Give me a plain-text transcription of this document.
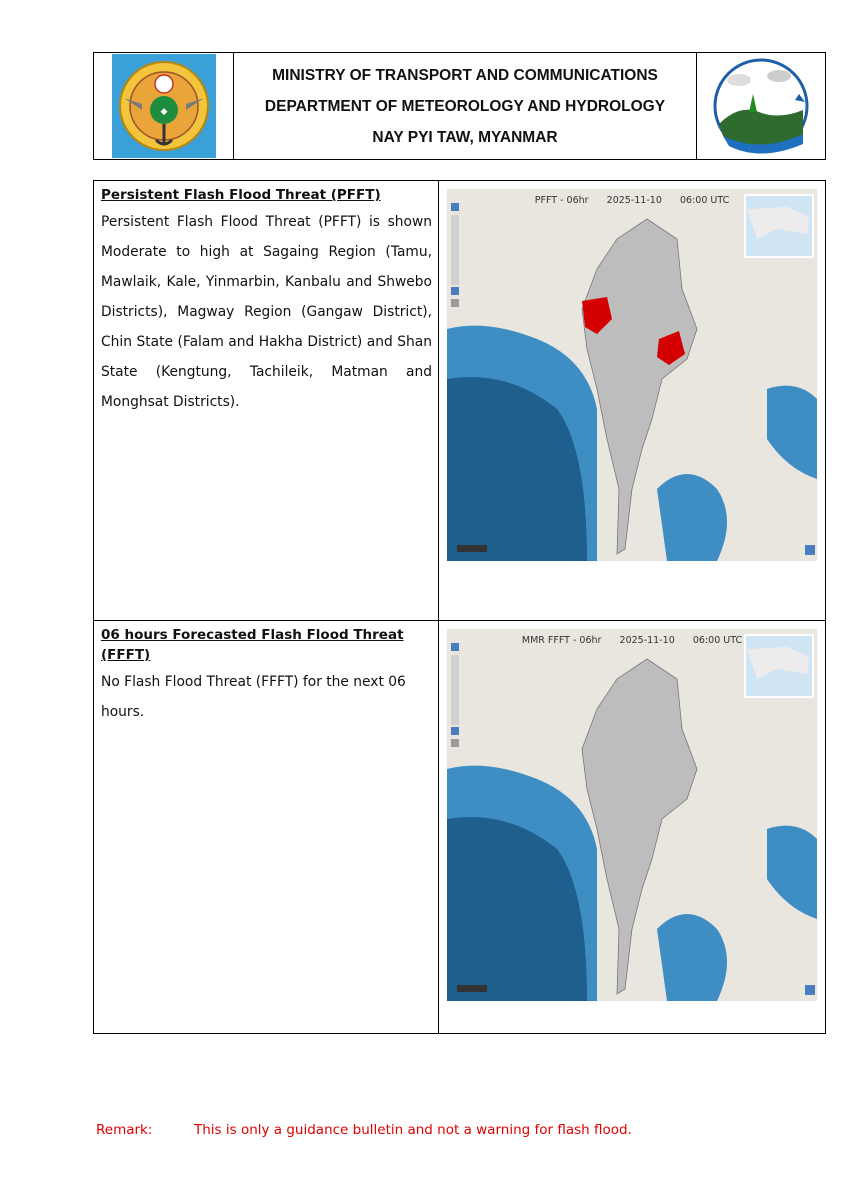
◆
MINISTRY OF TRANSPORT AND COMMUNICATIONS
DEPARTMENT OF METEOROLOGY AND HYDROLOGY
NAY PYI TAW, MYANMAR
Persistent Flash Flood Threat (PFFT)
Persistent Flash Flood Threat (PFFT) is shown Moderate to high at Sagaing Region (Tamu, Mawlaik, Kale, Yinmarbin, Kanbalu and Shwebo Districts), Magway Region (Gangaw District), Chin State (Falam and Hakha District) and Shan State (Kengtung, Tachileik, Matman and Monghsat Districts).
PFFT - 06hr      2025-11-10      06:00 UTC
06 hours Forecasted Flash Flood Threat (FFFT)
No Flash Flood Threat (FFFT) for the next 06 hours.
MMR FFFT - 06hr      2025-11-10      06:00 UTC
Remark:	This is only a guidance bulletin and not a warning for flash flood.
